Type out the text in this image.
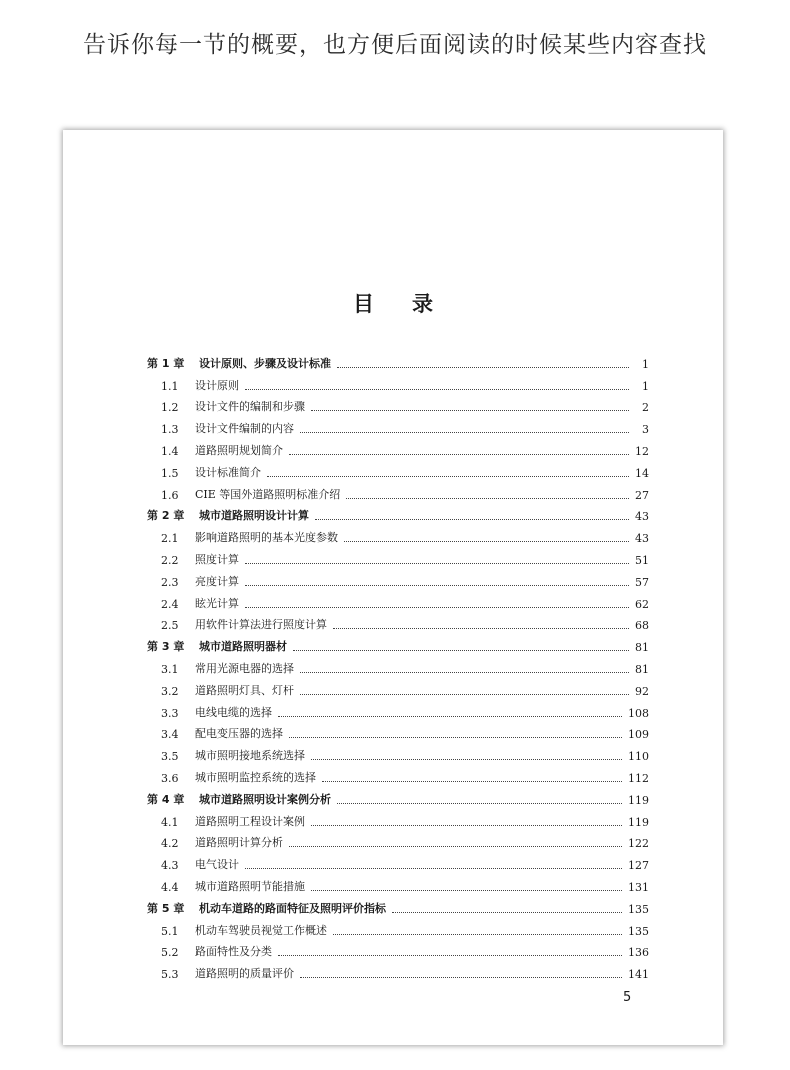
告诉你每一节的概要，也方便后面阅读的时候某些内容查找
目录
第 1 章	设计原则、步骤及设计标准	1
1.1	设计原则	1
1.2	设计文件的编制和步骤	2
1.3	设计文件编制的内容	3
1.4	道路照明规划简介	12
1.5	设计标准简介	14
1.6	CIE 等国外道路照明标准介绍	27
第 2 章	城市道路照明设计计算	43
2.1	影响道路照明的基本光度参数	43
2.2	照度计算	51
2.3	亮度计算	57
2.4	眩光计算	62
2.5	用软件计算法进行照度计算	68
第 3 章	城市道路照明器材	81
3.1	常用光源电器的选择	81
3.2	道路照明灯具、灯杆	92
3.3	电线电缆的选择	108
3.4	配电变压器的选择	109
3.5	城市照明接地系统选择	110
3.6	城市照明监控系统的选择	112
第 4 章	城市道路照明设计案例分析	119
4.1	道路照明工程设计案例	119
4.2	道路照明计算分析	122
4.3	电气设计	127
4.4	城市道路照明节能措施	131
第 5 章	机动车道路的路面特征及照明评价指标	135
5.1	机动车驾驶员视觉工作概述	135
5.2	路面特性及分类	136
5.3	道路照明的质量评价	141
5
